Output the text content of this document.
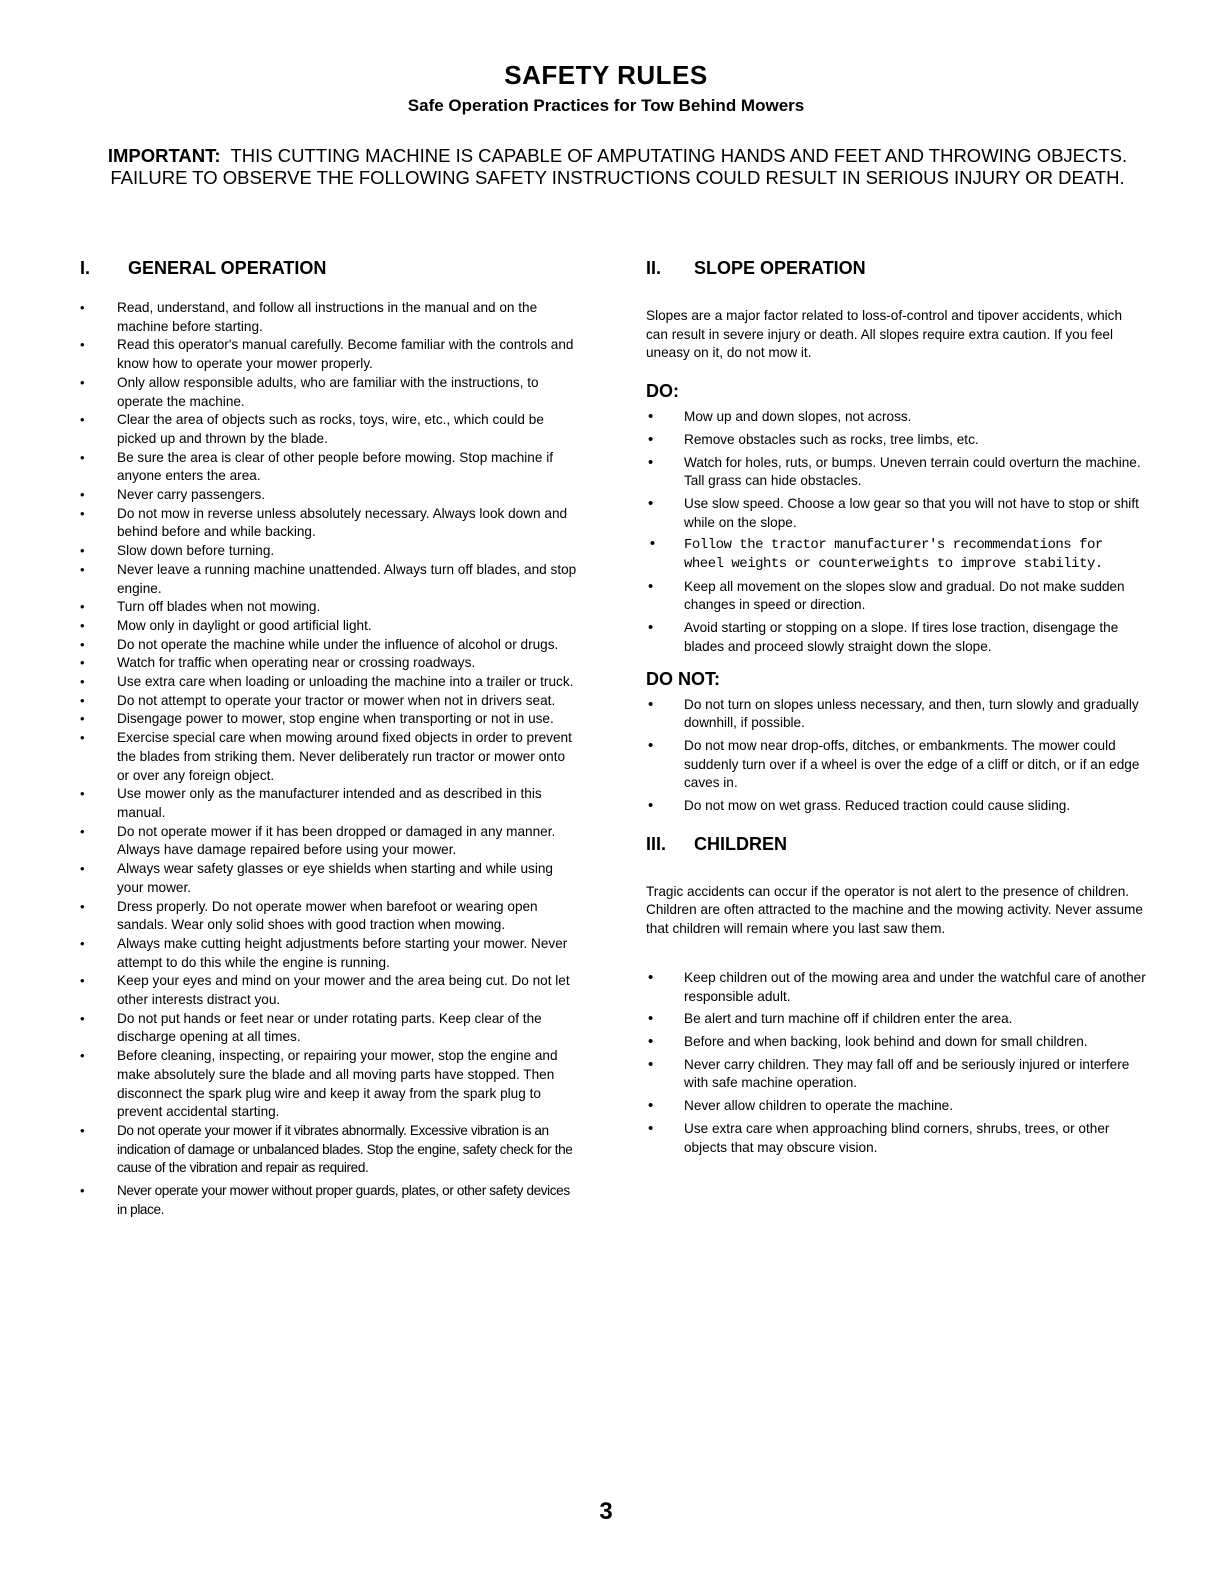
SAFETY RULES
Safe Operation Practices for Tow Behind Mowers
IMPORTANT: THIS CUTTING MACHINE IS CAPABLE OF AMPUTATING HANDS AND FEET AND THROWING OBJECTS. FAILURE TO OBSERVE THE FOLLOWING SAFETY INSTRUCTIONS COULD RESULT IN SERIOUS INJURY OR DEATH.
I.	GENERAL OPERATION
• Read, understand, and follow all instructions in the manual and on the machine before starting.
• Read this operator's manual carefully. Become familiar with the controls and know how to operate your mower properly.
• Only allow responsible adults, who are familiar with the instructions, to operate the machine.
• Clear the area of objects such as rocks, toys, wire, etc., which could be picked up and thrown by the blade.
• Be sure the area is clear of other people before mowing. Stop machine if anyone enters the area.
• Never carry passengers.
• Do not mow in reverse unless absolutely necessary. Always look down and behind before and while backing.
• Slow down before turning.
• Never leave a running machine unattended. Always turn off blades, and stop engine.
• Turn off blades when not mowing.
• Mow only in daylight or good artificial light.
• Do not operate the machine while under the influence of alcohol or drugs.
• Watch for traffic when operating near or crossing roadways.
• Use extra care when loading or unloading the machine into a trailer or truck.
• Do not attempt to operate your tractor or mower when not in drivers seat.
• Disengage power to mower, stop engine when transporting or not in use.
• Exercise special care when mowing around fixed objects in order to prevent the blades from striking them. Never deliberately run tractor or mower onto or over any foreign object.
• Use mower only as the manufacturer intended and as described in this manual.
• Do not operate mower if it has been dropped or damaged in any manner. Always have damage repaired before using your mower.
• Always wear safety glasses or eye shields when starting and while using your mower.
• Dress properly. Do not operate mower when barefoot or wearing open sandals. Wear only solid shoes with good traction when mowing.
• Always make cutting height adjustments before starting your mower. Never attempt to do this while the engine is running.
• Keep your eyes and mind on your mower and the area being cut. Do not let other interests distract you.
• Do not put hands or feet near or under rotating parts. Keep clear of the discharge opening at all times.
• Before cleaning, inspecting, or repairing your mower, stop the engine and make absolutely sure the blade and all moving parts have stopped. Then disconnect the spark plug wire and keep it away from the spark plug to prevent accidental starting.
• Do not operate your mower if it vibrates abnormally. Excessive vibration is an indication of damage or unbalanced blades. Stop the engine, safety check for the cause of the vibration and repair as required.
• Never operate your mower without proper guards, plates, or other safety devices in place.
II.	SLOPE OPERATION

Slopes are a major factor related to loss-of-control and tipover accidents, which can result in severe injury or death. All slopes require extra caution. If you feel uneasy on it, do not mow it.

DO:
• Mow up and down slopes, not across.
• Remove obstacles such as rocks, tree limbs, etc.
• Watch for holes, ruts, or bumps. Uneven terrain could overturn the machine. Tall grass can hide obstacles.
• Use slow speed. Choose a low gear so that you will not have to stop or shift while on the slope.
• Follow the tractor manufacturer's recommendations for wheel weights or counterweights to improve stability.
• Keep all movement on the slopes slow and gradual. Do not make sudden changes in speed or direction.
• Avoid starting or stopping on a slope. If tires lose traction, disengage the blades and proceed slowly straight down the slope.
DO NOT:
• Do not turn on slopes unless necessary, and then, turn slowly and gradually downhill, if possible.
• Do not mow near drop-offs, ditches, or embankments. The mower could suddenly turn over if a wheel is over the edge of a cliff or ditch, or if an edge caves in.
• Do not mow on wet grass. Reduced traction could cause sliding.
III.	CHILDREN

Tragic accidents can occur if the operator is not alert to the presence of children. Children are often attracted to the machine and the mowing activity. Never assume that children will remain where you last saw them.

• Keep children out of the mowing area and under the watchful care of another responsible adult.
• Be alert and turn machine off if children enter the area.
• Before and when backing, look behind and down for small children.
• Never carry children. They may fall off and be seriously injured or interfere with safe machine operation.
• Never allow children to operate the machine.
• Use extra care when approaching blind corners, shrubs, trees, or other objects that may obscure vision.
3
